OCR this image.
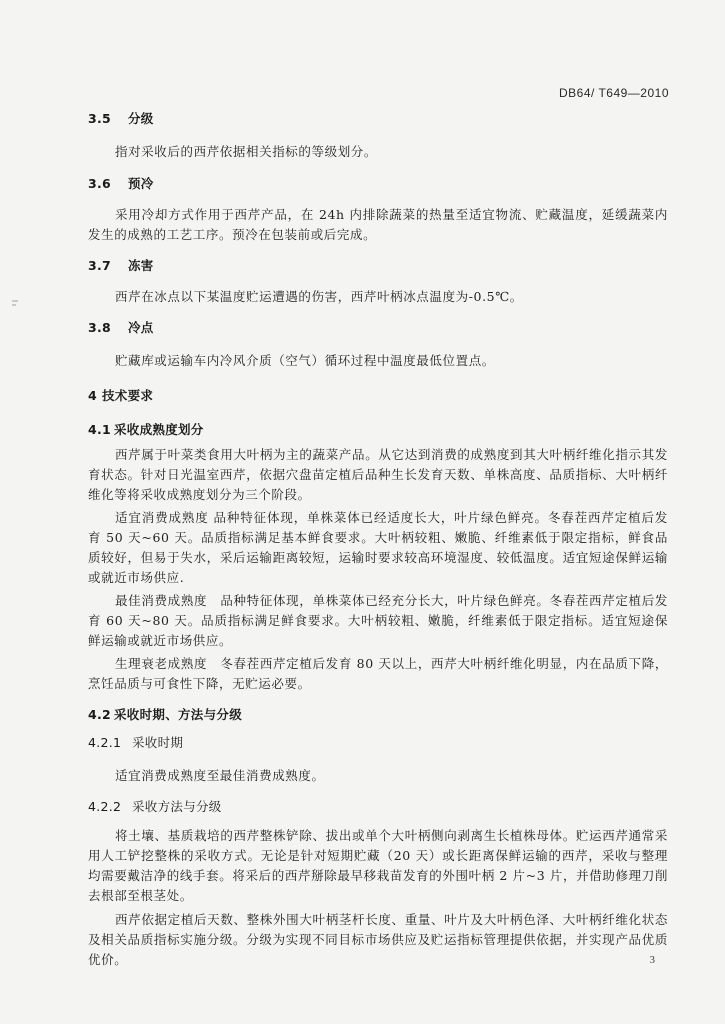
DB64/ T649—2010
3.5 分级
指对采收后的西芹依据相关指标的等级划分。
3.6 预冷
采用冷却方式作用于西芹产品，在 24h 内排除蔬菜的热量至适宜物流、贮藏温度，延缓蔬菜内发生的成熟的工艺工序。预冷在包装前或后完成。
3.7 冻害
西芹在冰点以下某温度贮运遭遇的伤害，西芹叶柄冰点温度为-0.5℃。
3.8 冷点
贮藏库或运输车内冷风介质（空气）循环过程中温度最低位置点。
4 技术要求
4.1 采收成熟度划分
西芹属于叶菜类食用大叶柄为主的蔬菜产品。从它达到消费的成熟度到其大叶柄纤维化指示其发育状态。针对日光温室西芹，依据穴盘苗定植后品种生长发育天数、单株高度、品质指标、大叶柄纤维化等将采收成熟度划分为三个阶段。
适宜消费成熟度 品种特征体现，单株菜体已经适度长大，叶片绿色鲜亮。冬春茬西芹定植后发育 50 天~60 天。品质指标满足基本鲜食要求。大叶柄较粗、嫩脆、纤维素低于限定指标，鲜食品质较好，但易于失水，采后运输距离较短，运输时要求较高环境湿度、较低温度。适宜短途保鲜运输或就近市场供应.
最佳消费成熟度　品种特征体现，单株菜体已经充分长大，叶片绿色鲜亮。冬春茬西芹定植后发育 60 天~80 天。品质指标满足鲜食要求。大叶柄较粗、嫩脆，纤维素低于限定指标。适宜短途保鲜运输或就近市场供应。
生理衰老成熟度　冬春茬西芹定植后发育 80 天以上，西芹大叶柄纤维化明显，内在品质下降，烹饪品质与可食性下降，无贮运必要。
4.2 采收时期、方法与分级
4.2.1 采收时期
适宜消费成熟度至最佳消费成熟度。
4.2.2 采收方法与分级
将土壤、基质栽培的西芹整株铲除、拔出或单个大叶柄侧向剥离生长植株母体。贮运西芹通常采用人工铲挖整株的采收方式。无论是针对短期贮藏（20 天）或长距离保鲜运输的西芹，采收与整理均需要戴洁净的线手套。将采后的西芹掰除最早移栽苗发育的外围叶柄 2 片~3 片，并借助修理刀削去根部至根茎处。
西芹依据定植后天数、整株外围大叶柄茎杆长度、重量、叶片及大叶柄色泽、大叶柄纤维化状态及相关品质指标实施分级。分级为实现不同目标市场供应及贮运指标管理提供依据，并实现产品优质优价。	3
